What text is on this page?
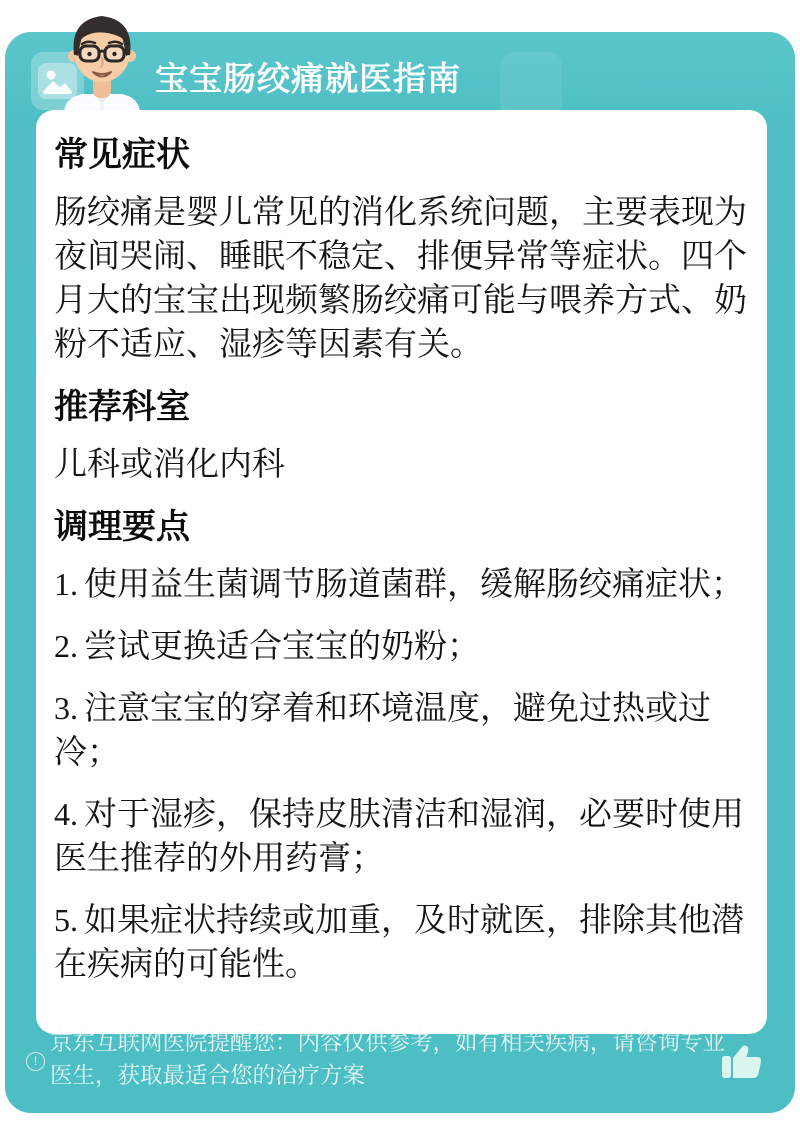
宝宝肠绞痛就医指南
常见症状

肠绞痛是婴儿常见的消化系统问题，主要表现为夜间哭闹、睡眠不稳定、排便异常等症状。四个月大的宝宝出现频繁肠绞痛可能与喂养方式、奶粉不适应、湿疹等因素有关。

推荐科室

儿科或消化内科

调理要点

1. 使用益生菌调节肠道菌群，缓解肠绞痛症状；

2. 尝试更换适合宝宝的奶粉；

3. 注意宝宝的穿着和环境温度，避免过热或过冷；

4. 对于湿疹，保持皮肤清洁和湿润，必要时使用医生推荐的外用药膏；

5. 如果症状持续或加重，及时就医，排除其他潜在疾病的可能性。

!
京东互联网医院提醒您：内容仅供参考，如有相关疾病，请咨询专业医生，获取最适合您的治疗方案
